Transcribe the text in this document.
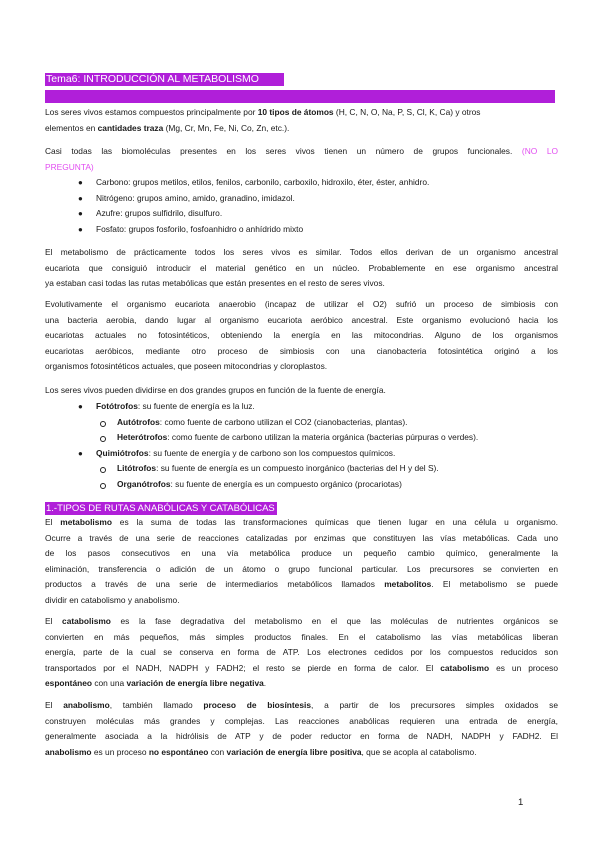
Tema6: INTRODUCCIÓN AL METABOLISMO
Los seres vivos estamos compuestos principalmente por 10 tipos de átomos (H, C, N, O, Na, P, S, Cl, K, Ca) y otros
elementos en cantidades traza (Mg, Cr, Mn, Fe, Ni, Co, Zn, etc.).
Casi todas las biomoléculas presentes en los seres vivos tienen un número de grupos funcionales. (NO LO
PREGUNTA)
● Carbono: grupos metilos, etilos, fenilos, carbonilo, carboxilo, hidroxilo, éter, éster, anhidro.
● Nitrógeno: grupos amino, amido, granadino, imidazol.
● Azufre: grupos sulfidrilo, disulfuro.
● Fosfato: grupos fosforilo, fosfoanhidro o anhídrido mixto
El metabolismo de prácticamente todos los seres vivos es similar. Todos ellos derivan de un organismo ancestral
eucariota que consiguió introducir el material genético en un núcleo. Probablemente en ese organismo ancestral
ya estaban casi todas las rutas metabólicas que están presentes en el resto de seres vivos.
Evolutivamente el organismo eucariota anaerobio (incapaz de utilizar el O2) sufrió un proceso de simbiosis con
una bacteria aerobia, dando lugar al organismo eucariota aeróbico ancestral. Este organismo evolucionó hacia los
eucariotas actuales no fotosintéticos, obteniendo la energía en las mitocondrias. Alguno de los organismos
eucariotas aeróbicos, mediante otro proceso de simbiosis con una cianobacteria fotosintética originó a los
organismos fotosintéticos actuales, que poseen mitocondrias y cloroplastos.
Los seres vivos pueden dividirse en dos grandes grupos en función de la fuente de energía.
● Fotótrofos: su fuente de energía es la luz.
Autótrofos: como fuente de carbono utilizan el CO2 (cianobacterias, plantas).
Heterótrofos: como fuente de carbono utilizan la materia orgánica (bacterias púrpuras o verdes).
● Quimiótrofos: su fuente de energía y de carbono son los compuestos químicos.
Litótrofos: su fuente de energía es un compuesto inorgánico (bacterias del H y del S).
Organótrofos: su fuente de energía es un compuesto orgánico (procariotas)
1.-TIPOS DE RUTAS ANABÓLICAS Y CATABÓLICAS
El metabolismo es la suma de todas las transformaciones químicas que tienen lugar en una célula u organismo.
Ocurre a través de una serie de reacciones catalizadas por enzimas que constituyen las vías metabólicas. Cada uno
de los pasos consecutivos en una vía metabólica produce un pequeño cambio químico, generalmente la
eliminación, transferencia o adición de un átomo o grupo funcional particular. Los precursores se convierten en
productos a través de una serie de intermediarios metabólicos llamados metabolitos. El metabolismo se puede
dividir en catabolismo y anabolismo.
El catabolismo es la fase degradativa del metabolismo en el que las moléculas de nutrientes orgánicos se
convierten en más pequeños, más simples productos finales. En el catabolismo las vías metabólicas liberan
energía, parte de la cual se conserva en forma de ATP. Los electrones cedidos por los compuestos reducidos son
transportados por el NADH, NADPH y FADH2; el resto se pierde en forma de calor. El catabolismo es un proceso
espontáneo con una variación de energía libre negativa.
El anabolismo, también llamado proceso de biosíntesis, a partir de los precursores simples oxidados se
construyen moléculas más grandes y complejas. Las reacciones anabólicas requieren una entrada de energía,
generalmente asociada a la hidrólisis de ATP y de poder reductor en forma de NADH, NADPH y FADH2. El
anabolismo es un proceso no espontáneo con variación de energía libre positiva, que se acopla al catabolismo.
1
